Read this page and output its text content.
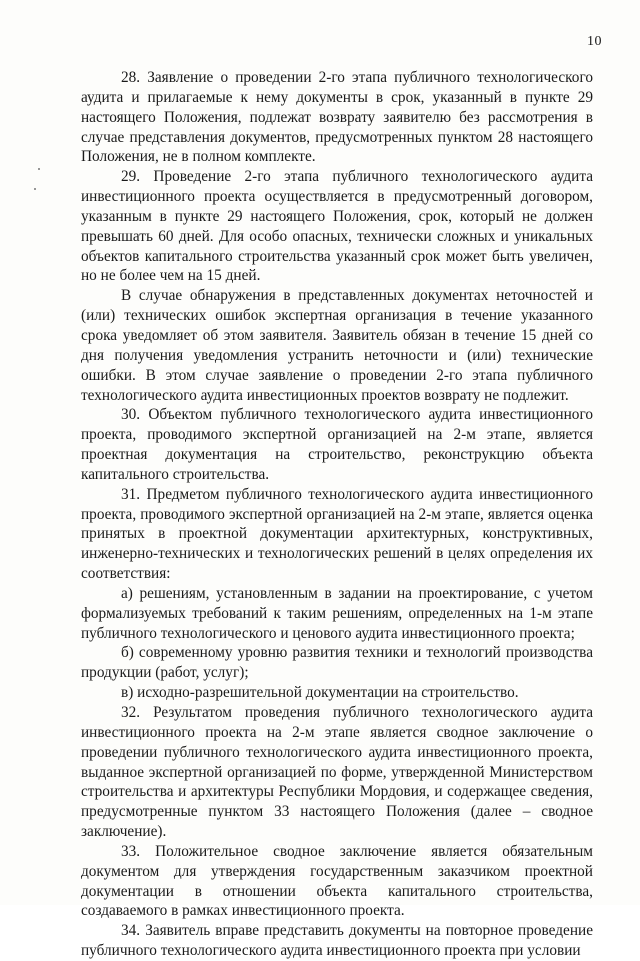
10

28. Заявление о проведении 2-го этапа публичного технологического аудита и прилагаемые к нему документы в срок, указанный в пункте 29 настоящего Положения, подлежат возврату заявителю без рассмотрения в случае представления документов, предусмотренных пунктом 28 настоящего Положения, не в полном комплекте.

29. Проведение 2-го этапа публичного технологического аудита инвестиционного проекта осуществляется в предусмотренный договором, указанным в пункте 29 настоящего Положения, срок, который не должен превышать 60 дней. Для особо опасных, технически сложных и уникальных объектов капитального строительства указанный срок может быть увеличен, но не более чем на 15 дней.

В случае обнаружения в представленных документах неточностей и (или) технических ошибок экспертная организация в течение указанного срока уведомляет об этом заявителя. Заявитель обязан в течение 15 дней со дня получения уведомления устранить неточности и (или) технические ошибки. В этом случае заявление о проведении 2-го этапа публичного технологического аудита инвестиционных проектов возврату не подлежит.

30. Объектом публичного технологического аудита инвестиционного проекта, проводимого экспертной организацией на 2-м этапе, является проектная документация на строительство, реконструкцию объекта капитального строительства.

31. Предметом публичного технологического аудита инвестиционного проекта, проводимого экспертной организацией на 2-м этапе, является оценка принятых в проектной документации архитектурных, конструктивных, инженерно-технических и технологических решений в целях определения их соответствия:

а) решениям, установленным в задании на проектирование, с учетом формализуемых требований к таким решениям, определенных на 1-м этапе публичного технологического и ценового аудита инвестиционного проекта;

б) современному уровню развития техники и технологий производства продукции (работ, услуг);

в) исходно-разрешительной документации на строительство.

32. Результатом проведения публичного технологического аудита инвестиционного проекта на 2-м этапе является сводное заключение о проведении публичного технологического аудита инвестиционного проекта, выданное экспертной организацией по форме, утвержденной Министерством строительства и архитектуры Республики Мордовия, и содержащее сведения, предусмотренные пунктом 33 настоящего Положения (далее – сводное заключение).

33. Положительное сводное заключение является обязательным документом для утверждения государственным заказчиком проектной документации в отношении объекта капитального строительства, создаваемого в рамках инвестиционного проекта.

34. Заявитель вправе представить документы на повторное проведение публичного технологического аудита инвестиционного проекта при условии
